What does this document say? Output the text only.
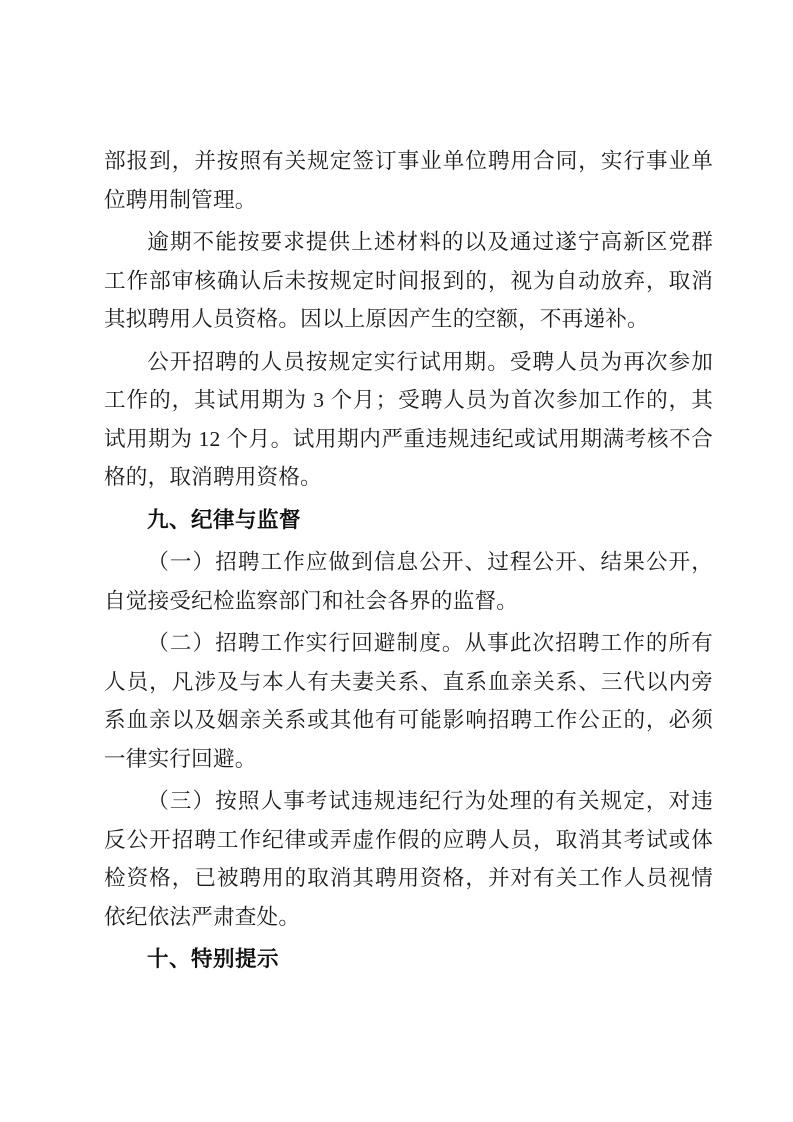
部报到，并按照有关规定签订事业单位聘用合同，实行事业单位聘用制管理。

逾期不能按要求提供上述材料的以及通过遂宁高新区党群工作部审核确认后未按规定时间报到的，视为自动放弃，取消其拟聘用人员资格。因以上原因产生的空额，不再递补。

公开招聘的人员按规定实行试用期。受聘人员为再次参加工作的，其试用期为 3 个月；受聘人员为首次参加工作的，其试用期为 12 个月。试用期内严重违规违纪或试用期满考核不合格的，取消聘用资格。

九、纪律与监督

（一）招聘工作应做到信息公开、过程公开、结果公开，自觉接受纪检监察部门和社会各界的监督。

（二）招聘工作实行回避制度。从事此次招聘工作的所有人员，凡涉及与本人有夫妻关系、直系血亲关系、三代以内旁系血亲以及姻亲关系或其他有可能影响招聘工作公正的，必须一律实行回避。

（三）按照人事考试违规违纪行为处理的有关规定，对违反公开招聘工作纪律或弄虚作假的应聘人员，取消其考试或体检资格，已被聘用的取消其聘用资格，并对有关工作人员视情依纪依法严肃查处。

十、特别提示
